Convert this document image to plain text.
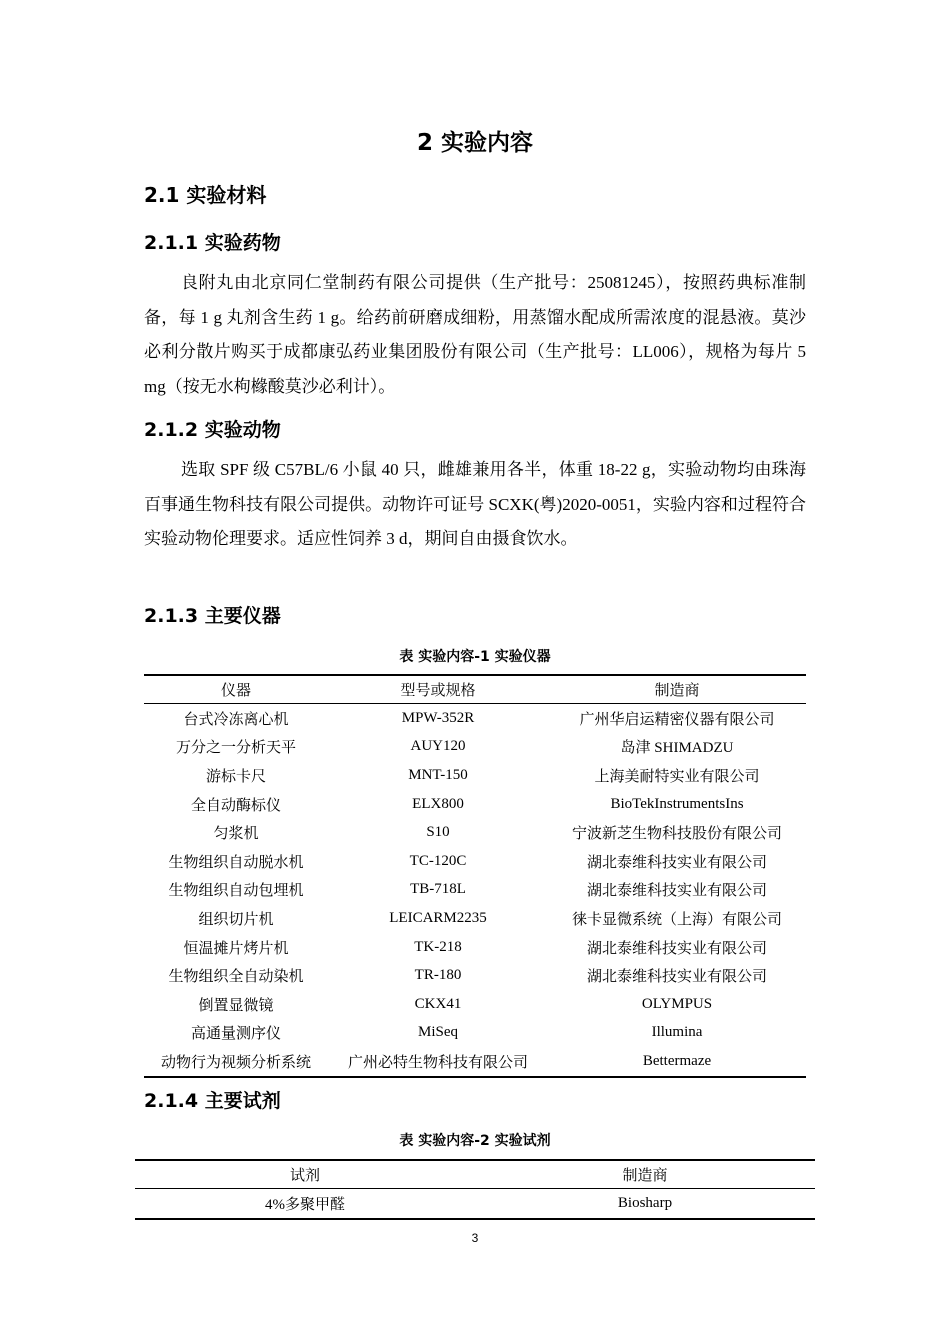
2 实验内容
2.1 实验材料
2.1.1 实验药物

良附丸由北京同仁堂制药有限公司提供（生产批号：25081245），按照药典标准制备，每 1 g 丸剂含生药 1 g。给药前研磨成细粉，用蒸馏水配成所需浓度的混悬液。莫沙必利分散片购买于成都康弘药业集团股份有限公司（生产批号：LL006），规格为每片 5 mg（按无水枸橼酸莫沙必利计）。

2.1.2 实验动物

选取 SPF 级 C57BL/6 小鼠 40 只，雌雄兼用各半，体重 18-22 g，实验动物均由珠海百事通生物科技有限公司提供。动物许可证号 SCXK(粤)2020-0051，实验内容和过程符合实验动物伦理要求。适应性饲养 3 d，期间自由摄食饮水。

2.1.3 主要仪器
表 实验内容-1 实验仪器
仪器	型号或规格	制造商
台式冷冻离心机	MPW-352R	广州华启运精密仪器有限公司
万分之一分析天平	AUY120	岛津 SHIMADZU
游标卡尺	MNT-150	上海美耐特实业有限公司
全自动酶标仪	ELX800	BioTekInstrumentsIns
匀浆机	S10	宁波新芝生物科技股份有限公司
生物组织自动脱水机	TC-120C	湖北泰维科技实业有限公司
生物组织自动包埋机	TB-718L	湖北泰维科技实业有限公司
组织切片机	LEICARM2235	徕卡显微系统（上海）有限公司
恒温摊片烤片机	TK-218	湖北泰维科技实业有限公司
生物组织全自动染机	TR-180	湖北泰维科技实业有限公司
倒置显微镜	CKX41	OLYMPUS
高通量测序仪	MiSeq	Illumina
动物行为视频分析系统	广州必特生物科技有限公司	Bettermaze
2.1.4 主要试剂
表 实验内容-2 实验试剂
试剂	制造商
4%多聚甲醛	Biosharp
3
